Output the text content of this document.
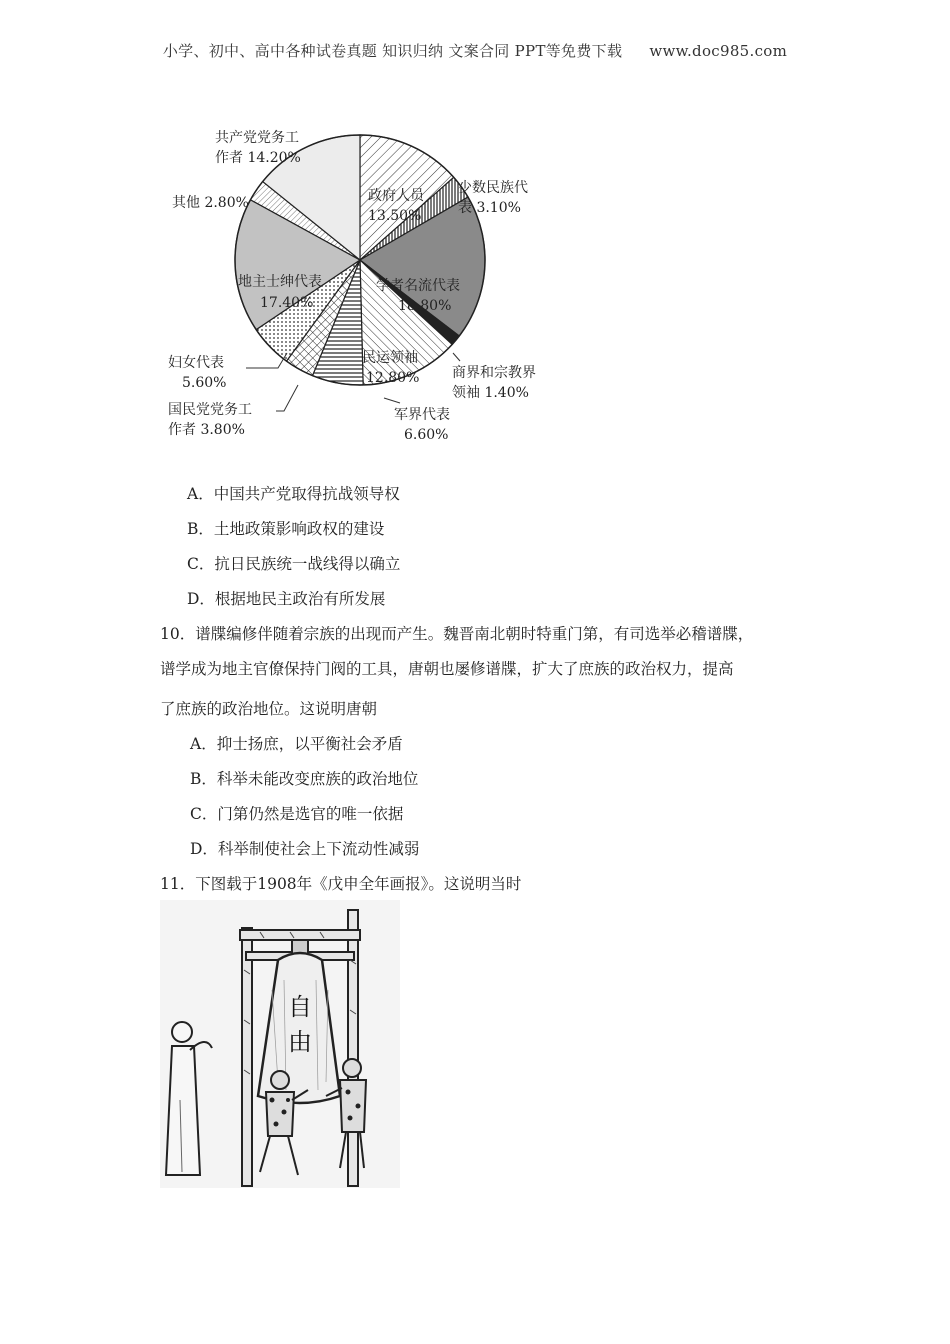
小学、初中、高中各种试卷真题 知识归纳 文案合同 PPT等免费下载 www.doc985.com
共产党党务工
作者 14.20%
其他 2.80%
少数民族代
表 3.10%
政府人员
13.50%
地主士绅代表
17.40%
学者名流代表
18.80%
民运领袖
12.80% 商界和宗教界
领袖 1.40%
妇女代表
5.60%
国民党党务工
作者 3.80%
军界代表
6.60%
A．中国共产党取得抗战领导权
B．土地政策影响政权的建设
C．抗日民族统一战线得以确立
D．根据地民主政治有所发展
10．谱牒编修伴随着宗族的出现而产生。魏晋南北朝时特重门第，有司选举必稽谱牒，
谱学成为地主官僚保持门阀的工具，唐朝也屡修谱牒，扩大了庶族的政治权力，提高
了庶族的政治地位。这说明唐朝
A．抑士扬庶，以平衡社会矛盾
B．科举未能改变庶族的政治地位
C．门第仍然是选官的唯一依据
D．科举制使社会上下流动性减弱
11．下图载于1908年《戊申全年画报》。这说明当时
自
由
